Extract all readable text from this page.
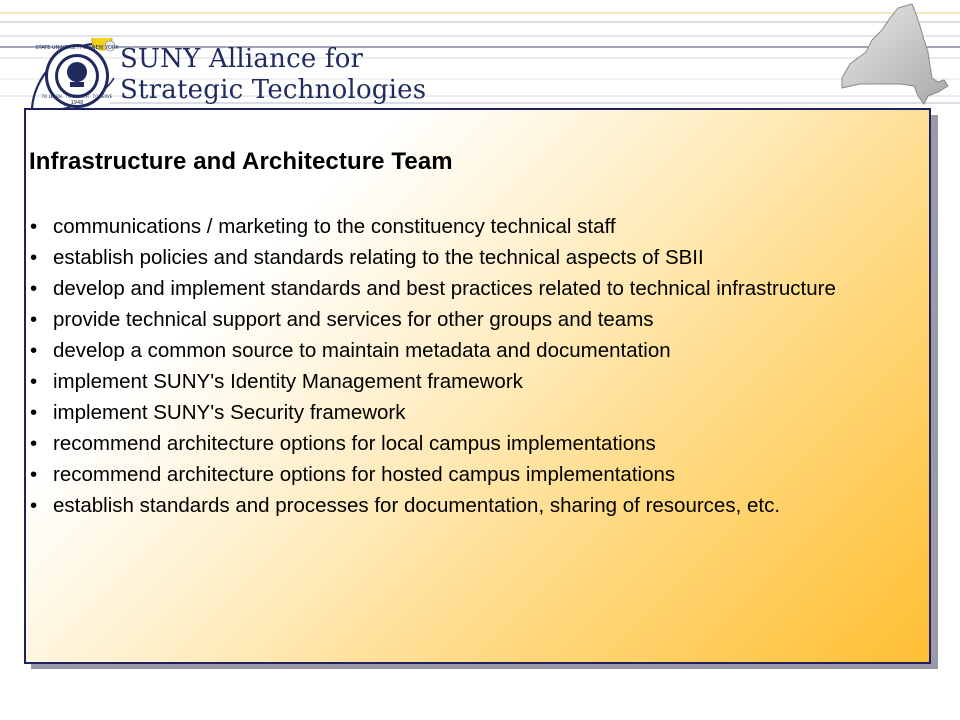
STATE UNIVERSITY OF NEW YORK
TO LEARN · TO SEARCH · TO SERVE
1948
SUNY Alliance for
Strategic Technologies
Infrastructure and Architecture Team
• communications / marketing to the constituency technical staff
• establish policies and standards relating to the technical aspects of SBII
• develop and implement standards and best practices related to technical infrastructure
• provide technical support and services for other groups and teams
• develop a common source to maintain metadata and documentation
• implement SUNY's Identity Management framework
• implement SUNY's Security framework
• recommend architecture options for local campus implementations
• recommend architecture options for hosted campus implementations
• establish standards and processes for documentation, sharing of resources, etc.
